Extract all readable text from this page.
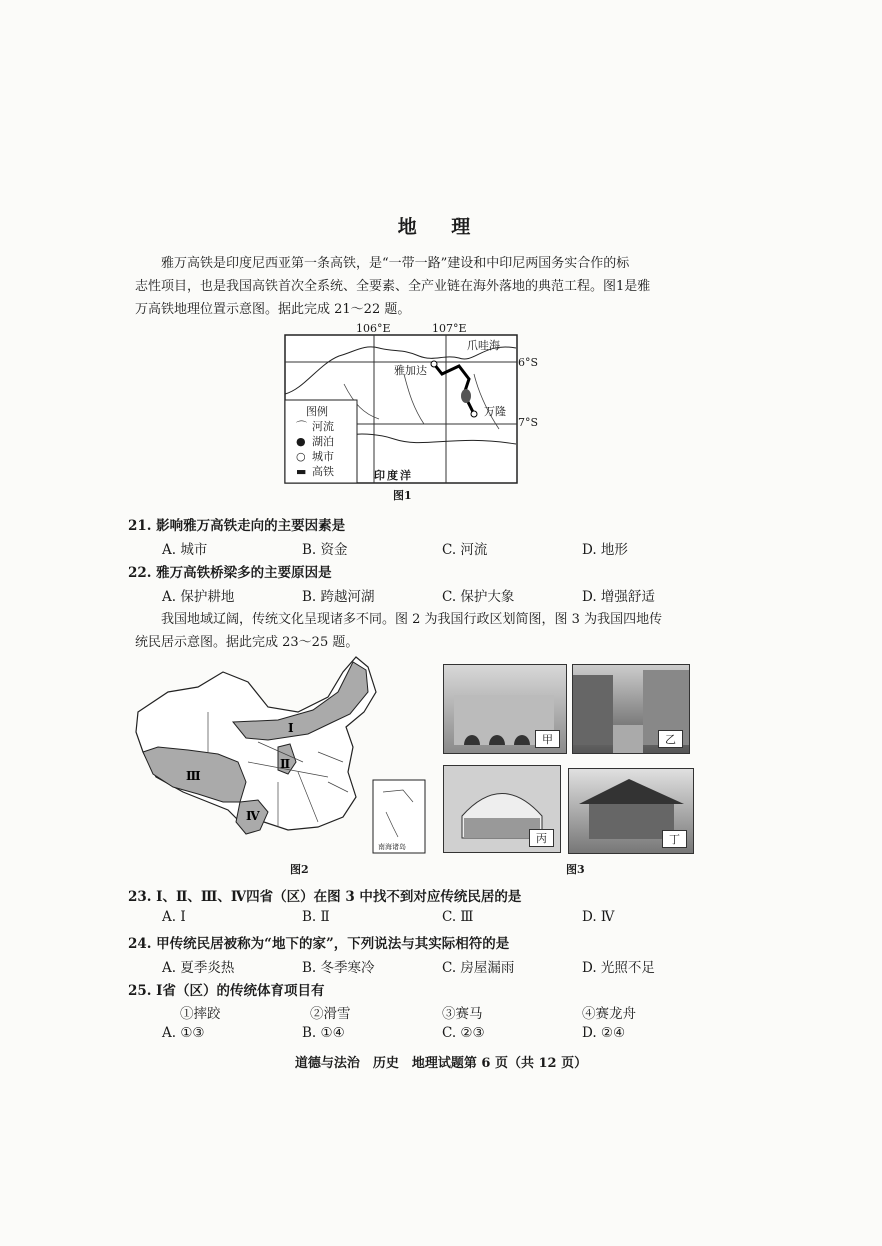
地 理
雅万高铁是印度尼西亚第一条高铁，是“一带一路”建设和中印尼两国务实合作的标
志性项目，也是我国高铁首次全系统、全要素、全产业链在海外落地的典范工程。图1是雅
万高铁地理位置示意图。据此完成 21～22 题。
106°E	107°E
6°S
7°S
爪哇海
雅加达
万隆
印度洋
图例
⌒ 河流
● 湖泊
○ 城市
▬ 高铁
图1
21. 影响雅万高铁走向的主要因素是
A. 城市	B. 资金	C. 河流	D. 地形
22. 雅万高铁桥梁多的主要原因是
A. 保护耕地	B. 跨越河湖	C. 保护大象	D. 增强舒适
我国地域辽阔，传统文化呈现诸多不同。图 2 为我国行政区划简图，图 3 为我国四地传
统民居示意图。据此完成 23～25 题。
Ⅰ
Ⅱ
Ⅲ
Ⅳ
南海诸岛
图2
甲	乙
丙	丁
图3
23. Ⅰ、Ⅱ、Ⅲ、Ⅳ四省（区）在图 3 中找不到对应传统民居的是
A. Ⅰ	B. Ⅱ	C. Ⅲ	D. Ⅳ
24. 甲传统民居被称为“地下的家”，下列说法与其实际相符的是
A. 夏季炎热	B. 冬季寒冷	C. 房屋漏雨	D. 光照不足
25. Ⅰ省（区）的传统体育项目有
①摔跤	②滑雪	③赛马	④赛龙舟
A. ①③	B. ①④	C. ②③	D. ②④
道德与法治　历史　地理试题第 6 页（共 12 页）
